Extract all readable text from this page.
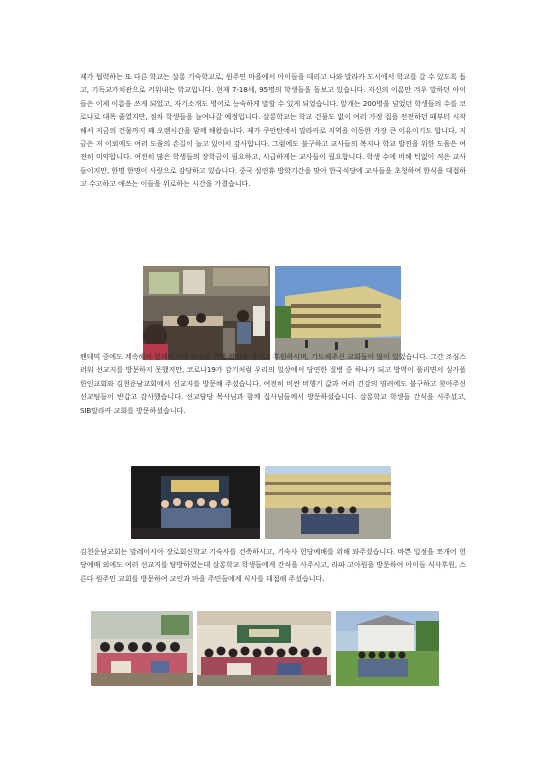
제가 협력하는 또 다른 학교는 살롱 기숙학교로, 원주민 마을에서 아이들을 데리고 나와 말라카 도시에서 학교를 갈 수 있도록 돕고, 기독교가치관으로 키워내는 학교입니다. 현재 7-18세, 95명의 학생들을 돌보고 있습니다. 자신의 이름만 겨우 말하던 아이들은 이제 이름을 쓰게 되었고, 자기소개도 영어로 능숙하게 말할 수 있게 되었습니다. 앞개는 200명을 넘었던 학생들의 수를 코로나로 대폭 줄였지만, 점차 학생들을 늘여나갈 예정입니다. 살롱학교는 학교 건물도 없이 여러 가정 집을 전전하던 때부터 시작해서 지금의 건물까지 꽤 오랜시간을 함께 해왔습니다. 제가 쿠안탄에서 말라카로 지역을 이동한 가장 큰 이유이기도 합니다. 지금은 저 이외에도 여러 도움의 손길이 늘고 있어서 감사합니다. 그럼에도 불구하고 교사들의 복지나 학교 발전을 위한 도움은 여전히 미약합니다. 여전히 많은 학생들의 장학금이 필요하고, 시급하게는 교사들이 필요합니다. 학생 수에 비해 턱없이 적은 교사들이지만, 한명 한명이 사랑으로 감당하고 있습니다. 중국 설연휴 방학기간을 맞아 한국식당에 교사들을 초청하여 한식을 대접하고 수고하고 애쓰는 이들을 위로하는 시간을 가졌습니다.

팬데믹 중에도 계속해서 말레이시아 선교를 위해 관심을 가지고 후원하시며, 기도해주신 교회들이 많이 있었습니다. 그간 조심스러워 선교지를 방문하지 못했지만, 코로나19가 감기처럼 우리의 일상에서 당연한 질병 중 하나가 되고 방역이 풀리면서 싱가폴한인교회와 김천운남교회에서 선교지를 방문해 주셨습니다. 여전히 비싼 비행기 값과 여러 건강의 염려에도 불구하고 찾아주신 선교팀들이 반갑고 감사했습니다. 선교담당 목사님과 함께 집사님들께서 방문하셨습니다. 살롱학교 학생들 간식을 사주셨고, SIB말라카 교회를 방문하셨습니다.

김천운남교회는 말레이시아 장로회신학교 기숙사를 건축하시고, 기숙사 헌당예배를 위해 와주셨습니다. 바쁜 일정을 쪼개어 헌당예배 외에도 여러 선교지를 탐방하였는데 살롱학교 학생들에게 간식을 사주시고, 라파 고아원을 방문하여 아이들 식사후원, 스른다 원주민 교회를 방문하여 교인과 마을 주민들에게 식사를 대접해 주셨습니다.
